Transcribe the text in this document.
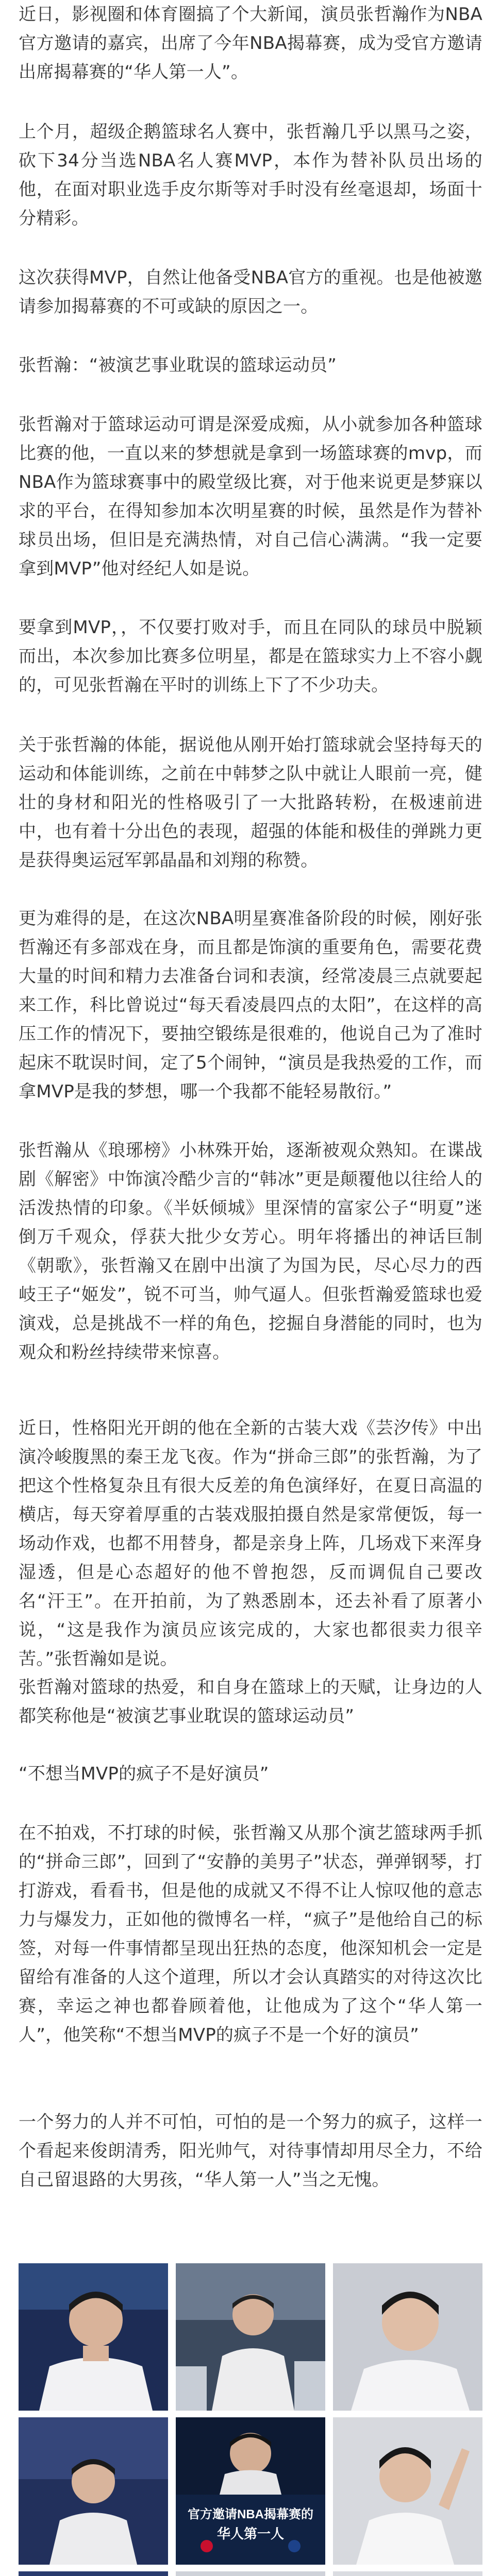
近日，影视圈和体育圈搞了个大新闻，演员张哲瀚作为NBA官方邀请的嘉宾，出席了今年NBA揭幕赛，成为受官方邀请出席揭幕赛的“华人第一人”。

上个月，超级企鹅篮球名人赛中，张哲瀚几乎以黑马之姿，砍下34分当选NBA名人赛MVP，本作为替补队员出场的他，在面对职业选手皮尔斯等对手时没有丝毫退却，场面十分精彩。

这次获得MVP，自然让他备受NBA官方的重视。也是他被邀请参加揭幕赛的不可或缺的原因之一。

张哲瀚：“被演艺事业耽误的篮球运动员”

张哲瀚对于篮球运动可谓是深爱成痴，从小就参加各种篮球比赛的他，一直以来的梦想就是拿到一场篮球赛的mvp，而NBA作为篮球赛事中的殿堂级比赛，对于他来说更是梦寐以求的平台，在得知参加本次明星赛的时候，虽然是作为替补球员出场，但旧是充满热情，对自己信心满满。“我一定要拿到MVP”他对经纪人如是说。

要拿到MVP，，不仅要打败对手，而且在同队的球员中脱颖而出，本次参加比赛多位明星，都是在篮球实力上不容小觑的，可见张哲瀚在平时的训练上下了不少功夫。

关于张哲瀚的体能，据说他从刚开始打篮球就会坚持每天的运动和体能训练，之前在中韩梦之队中就让人眼前一亮，健壮的身材和阳光的性格吸引了一大批路转粉，在极速前进中，也有着十分出色的表现，超强的体能和极佳的弹跳力更是获得奥运冠军郭晶晶和刘翔的称赞。

更为难得的是，在这次NBA明星赛准备阶段的时候，刚好张哲瀚还有多部戏在身，而且都是饰演的重要角色，需要花费大量的时间和精力去准备台词和表演，经常凌晨三点就要起来工作，科比曾说过“每天看凌晨四点的太阳”，在这样的高压工作的情况下，要抽空锻练是很难的，他说自己为了准时起床不耽误时间，定了5个闹钟，“演员是我热爱的工作，而拿MVP是我的梦想，哪一个我都不能轻易散衍。”

张哲瀚从《琅琊榜》小林殊开始，逐渐被观众熟知。在谍战剧《解密》中饰演冷酷少言的“韩冰”更是颠覆他以往给人的活泼热情的印象。《半妖倾城》里深情的富家公子“明夏”迷倒万千观众，俘获大批少女芳心。明年将播出的神话巨制《朝歌》，张哲瀚又在剧中出演了为国为民，尽心尽力的西岐王子“姬发”，锐不可当，帅气逼人。但张哲瀚爱篮球也爱演戏，总是挑战不一样的角色，挖掘自身潜能的同时，也为观众和粉丝持续带来惊喜。

近日，性格阳光开朗的他在全新的古装大戏《芸汐传》中出演冷峻腹黑的秦王龙飞夜。作为“拼命三郎”的张哲瀚，为了把这个性格复杂且有很大反差的角色演绎好，在夏日高温的横店，每天穿着厚重的古装戏服拍摄自然是家常便饭，每一场动作戏，也都不用替身，都是亲身上阵，几场戏下来浑身湿透，但是心态超好的他不曾抱怨，反而调侃自己要改名“汗王”。在开拍前，为了熟悉剧本，还去补看了原著小说，“这是我作为演员应该完成的，大家也都很卖力很辛苦。”张哲瀚如是说。

张哲瀚对篮球的热爱，和自身在篮球上的天赋，让身边的人都笑称他是“被演艺事业耽误的篮球运动员”

“不想当MVP的疯子不是好演员”

在不拍戏，不打球的时候，张哲瀚又从那个演艺篮球两手抓的“拼命三郎”，回到了“安静的美男子”状态，弹弹钢琴，打打游戏，看看书，但是他的成就又不得不让人惊叹他的意志力与爆发力，正如他的微博名一样，“疯子”是他给自己的标签，对每一件事情都呈现出狂热的态度，他深知机会一定是留给有准备的人这个道理，所以才会认真踏实的对待这次比赛，幸运之神也都眷顾着他，让他成为了这个“华人第一人”，他笑称“不想当MVP的疯子不是一个好的演员”

一个努力的人并不可怕，可怕的是一个努力的疯子，这样一个看起来俊朗清秀，阳光帅气，对待事情却用尽全力，不给自己留退路的大男孩，“华人第一人”当之无愧。

官方邀请NBA揭幕赛的
华人第一人
